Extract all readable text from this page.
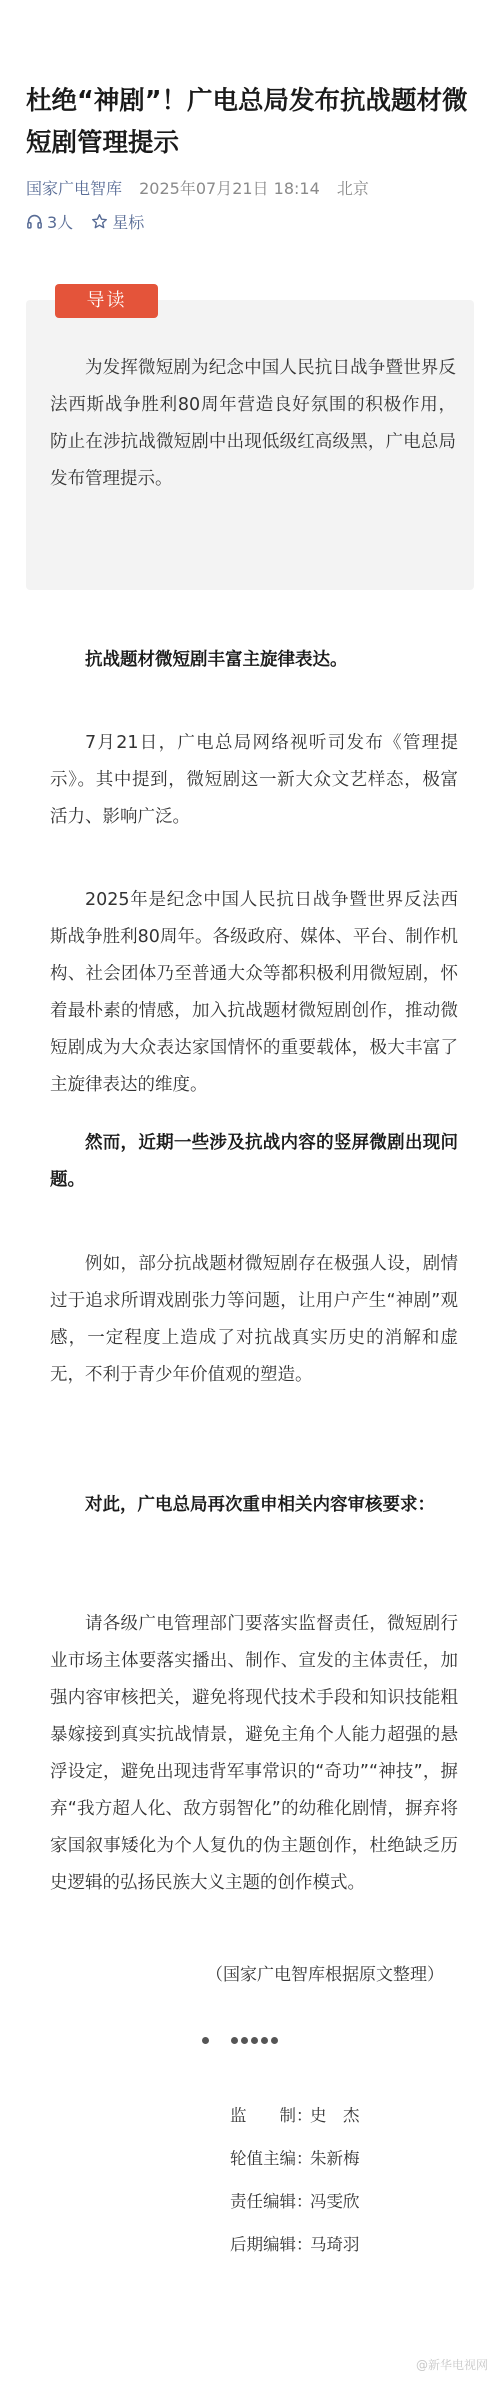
杜绝“神剧”！广电总局发布抗战题材微短剧管理提示
国家广电智库 2025年07月21日 18:14 北京
3人 星标
导读

为发挥微短剧为纪念中国人民抗日战争暨世界反法西斯战争胜利80周年营造良好氛围的积极作用，防止在涉抗战微短剧中出现低级红高级黑，广电总局发布管理提示。

抗战题材微短剧丰富主旋律表达。

7月21日，广电总局网络视听司发布《管理提示》。其中提到，微短剧这一新大众文艺样态，极富活力、影响广泛。

2025年是纪念中国人民抗日战争暨世界反法西斯战争胜利80周年。各级政府、媒体、平台、制作机构、社会团体乃至普通大众等都积极利用微短剧，怀着最朴素的情感，加入抗战题材微短剧创作，推动微短剧成为大众表达家国情怀的重要载体，极大丰富了主旋律表达的维度。

然而，近期一些涉及抗战内容的竖屏微剧出现问题。

例如，部分抗战题材微短剧存在极强人设，剧情过于追求所谓戏剧张力等问题，让用户产生“神剧”观感，一定程度上造成了对抗战真实历史的消解和虚无，不利于青少年价值观的塑造。

对此，广电总局再次重申相关内容审核要求：

请各级广电管理部门要落实监督责任，微短剧行业市场主体要落实播出、制作、宣发的主体责任，加强内容审核把关，避免将现代技术手段和知识技能粗暴嫁接到真实抗战情景，避免主角个人能力超强的悬浮设定，避免出现违背军事常识的“奇功”“神技”，摒弃“我方超人化、敌方弱智化”的幼稚化剧情，摒弃将家国叙事矮化为个人复仇的伪主题创作，杜绝缺乏历史逻辑的弘扬民族大义主题的创作模式。

（国家广电智库根据原文整理）
监　　制 ：
史　杰
轮值主编 ：
朱新梅
责任编辑 ：
冯雯欣
后期编辑 ：
马琦羽
@新华电视网
